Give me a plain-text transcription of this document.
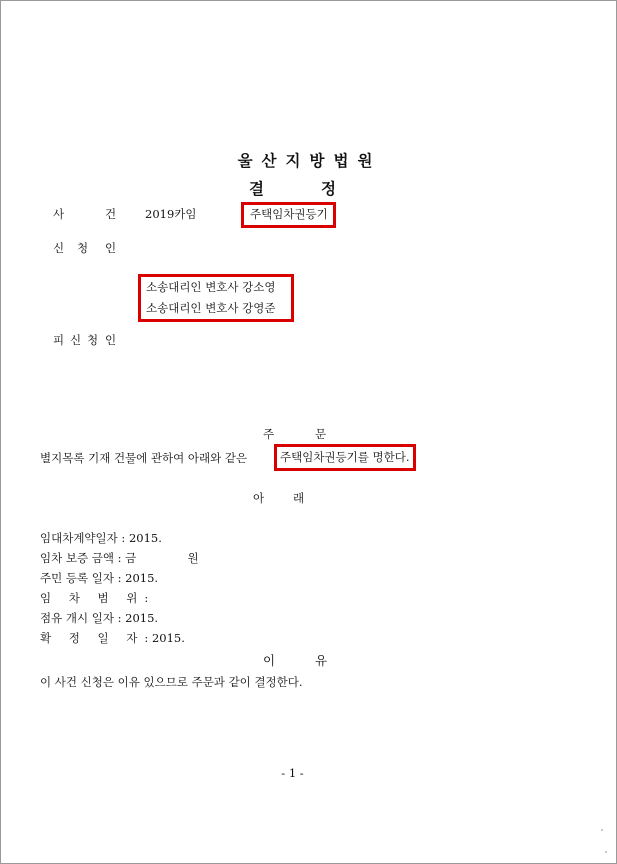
울산지방법원
결	정
사	건	2019카임	주택임차권등기
신 청 인
소송대리인 변호사 강소영
소송대리인 변호사 강영준
피 신 청 인
주	문
별지목록 기재 건물에 관하여 아래와 같은	주택임차권등기를 명한다.
아	래
임대차계약일자 : 2015.
임차 보증 금액 : 금              원
주민 등록 일자 : 2015.
임 차 범 위:
점유 개시 일자 : 2015.
확 정 일 자: 2015.
이	유
이 사건 신청은 이유 있으므로 주문과 같이 결정한다.
- 1 -
